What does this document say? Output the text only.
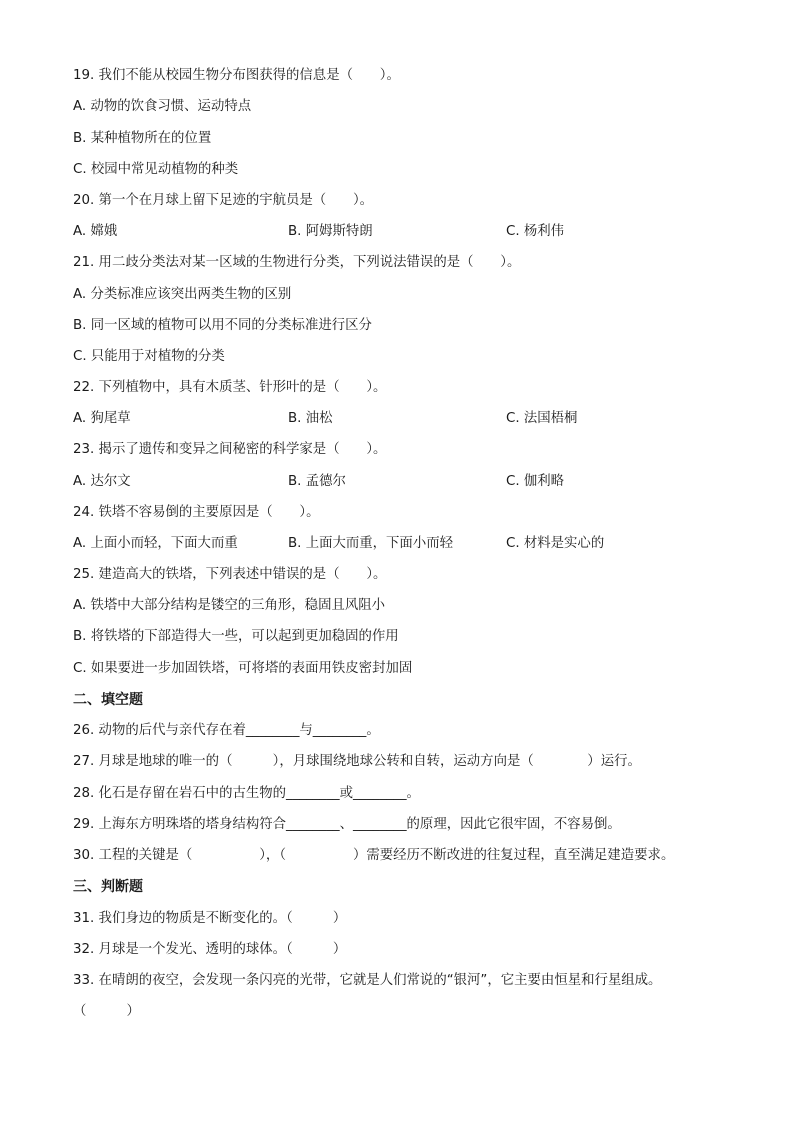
19. 我们不能从校园生物分布图获得的信息是（　　）。
A. 动物的饮食习惯、运动特点
B. 某种植物所在的位置
C. 校园中常见动植物的种类
20. 第一个在月球上留下足迹的宇航员是（　　）。
A. 嫦娥	B. 阿姆斯特朗	C. 杨利伟
21. 用二歧分类法对某一区域的生物进行分类，下列说法错误的是（　　）。
A. 分类标准应该突出两类生物的区别
B. 同一区域的植物可以用不同的分类标准进行区分
C. 只能用于对植物的分类
22. 下列植物中，具有木质茎、针形叶的是（　　）。
A. 狗尾草	B. 油松	C. 法国梧桐
23. 揭示了遗传和变异之间秘密的科学家是（　　）。
A. 达尔文	B. 孟德尔	C. 伽利略
24. 铁塔不容易倒的主要原因是（　　）。
A. 上面小而轻，下面大而重	B. 上面大而重，下面小而轻	C. 材料是实心的
25. 建造高大的铁塔，下列表述中错误的是（　　）。
A. 铁塔中大部分结构是镂空的三角形，稳固且风阻小
B. 将铁塔的下部造得大一些，可以起到更加稳固的作用
C. 如果要进一步加固铁塔，可将塔的表面用铁皮密封加固
二、填空题
26. 动物的后代与亲代存在着________与________。
27. 月球是地球的唯一的（　　　），月球围绕地球公转和自转，运动方向是（　　　　）运行。
28. 化石是存留在岩石中的古生物的________或________。
29. 上海东方明珠塔的塔身结构符合________、________的原理，因此它很牢固，不容易倒。
30. 工程的关键是（　　　　　），（　　　　　）需要经历不断改进的往复过程，直至满足建造要求。
三、判断题
31. 我们身边的物质是不断变化的。（　　　）
32. 月球是一个发光、透明的球体。（　　　）
33. 在晴朗的夜空，会发现一条闪亮的光带，它就是人们常说的“银河”，它主要由恒星和行星组成。
（　　　）
